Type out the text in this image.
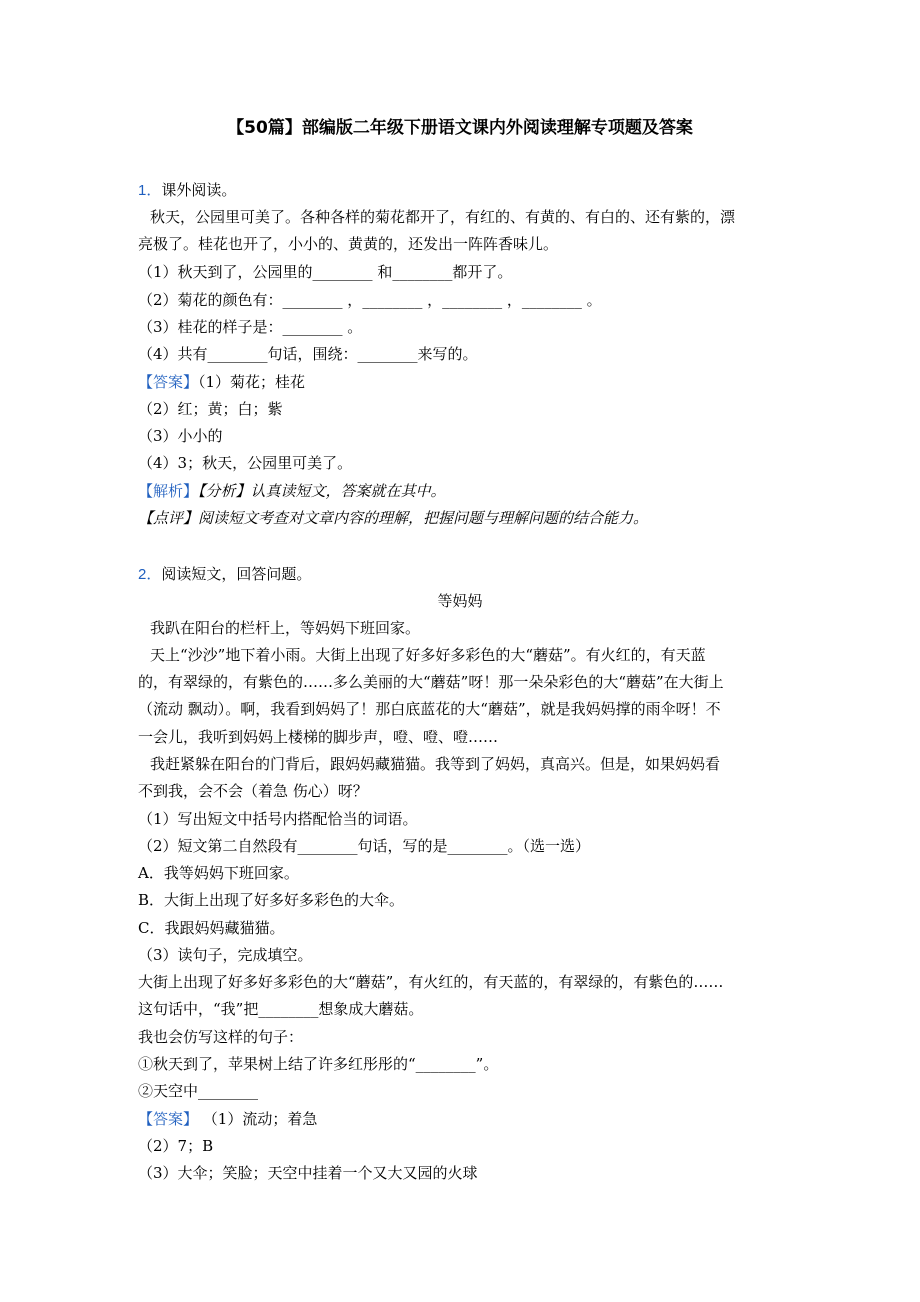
【50篇】部编版二年级下册语文课内外阅读理解专项题及答案
1．课外阅读。
秋天，公园里可美了。各种各样的菊花都开了，有红的、有黄的、有白的、还有紫的，漂
亮极了。桂花也开了，小小的、黄黄的，还发出一阵阵香味儿。
（1）秋天到了，公园里的________ 和________都开了。
（2）菊花的颜色有：________ ，________ ，________ ，________ 。
（3）桂花的样子是：________ 。
（4）共有________句话，围绕：________来写的。
【答案】（1）菊花；桂花
（2）红；黄；白；紫
（3）小小的
（4）3；秋天，公园里可美了。
【解析】【分析】认真读短文，答案就在其中。
【点评】阅读短文考查对文章内容的理解，把握问题与理解问题的结合能力。
2．阅读短文，回答问题。
等妈妈
我趴在阳台的栏杆上，等妈妈下班回家。
天上“沙沙”地下着小雨。大街上出现了好多好多彩色的大“蘑菇”。有火红的，有天蓝
的，有翠绿的，有紫色的……多么美丽的大“蘑菇”呀！那一朵朵彩色的大“蘑菇”在大街上
（流动 飘动）。啊，我看到妈妈了！那白底蓝花的大“蘑菇”，就是我妈妈撑的雨伞呀！不
一会儿，我听到妈妈上楼梯的脚步声，噔、噔、噔……
我赶紧躲在阳台的门背后，跟妈妈藏猫猫。我等到了妈妈，真高兴。但是，如果妈妈看
不到我，会不会（着急 伤心）呀？
（1）写出短文中括号内搭配恰当的词语。
（2）短文第二自然段有________句话，写的是________。（选一选）
A．我等妈妈下班回家。
B．大街上出现了好多好多彩色的大伞。
C．我跟妈妈藏猫猫。
（3）读句子，完成填空。
大街上出现了好多好多彩色的大“蘑菇”，有火红的，有天蓝的，有翠绿的，有紫色的……
这句话中，“我”把________想象成大蘑菇。
我也会仿写这样的句子：
①秋天到了，苹果树上结了许多红彤彤的“________”。
②天空中________
【答案】 （1）流动；着急
（2）7；B
（3）大伞；笑脸；天空中挂着一个又大又园的火球
